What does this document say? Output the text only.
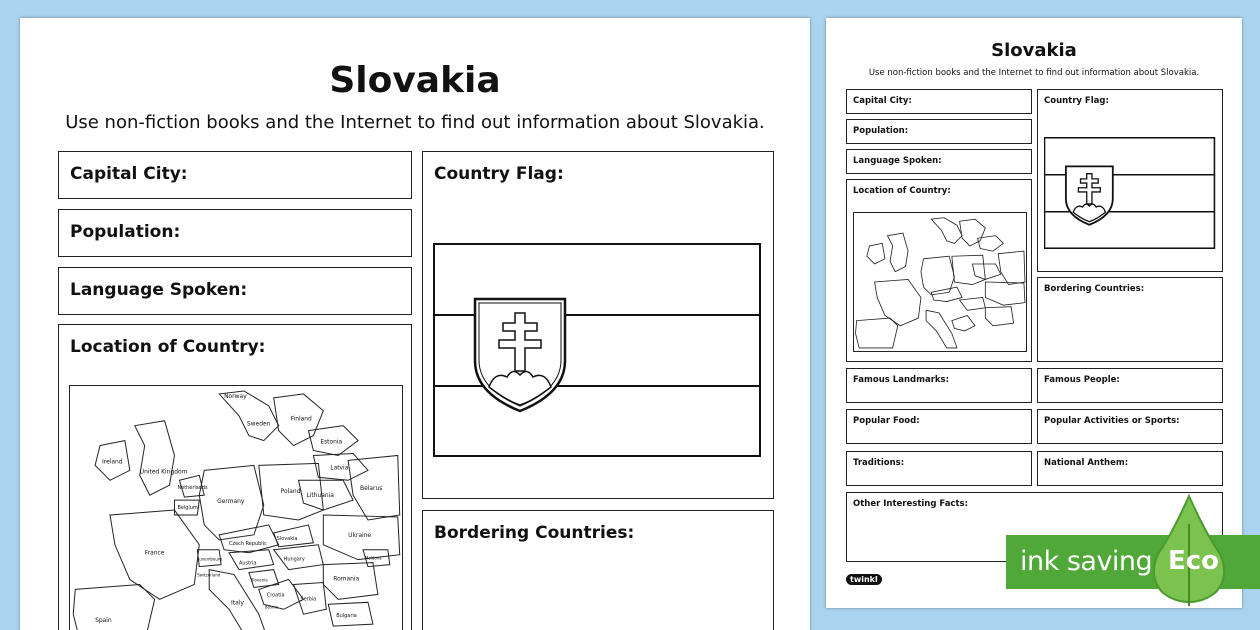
Slovakia
Use non-fiction books and the Internet to find out information about Slovakia.
Capital City:
Population:
Language Spoken:
Location of Country:
Norway
Sweden
Finland
Estonia
Latvia
Lithuania
Belarus
Ireland
United Kingdom
Netherlands
Belgium
Luxembourg
Germany
Poland
Czech Republic
Austria
Slovakia
Hungary
Ukraine
France
Switzerland
Slovenia
Croatia
Romania
Serbia
Bosnia
Bulgaria
Italy
Spain
Moldova
Country Flag:
Bordering Countries:
Slovakia
Use non-fiction books and the Internet to find out information about Slovakia.
Capital City:
Population:
Language Spoken:
Location of Country:
Country Flag:
Bordering Countries:
Famous Landmarks:	Famous People:
Popular Food:	Popular Activities or Sports:
Traditions:	National Anthem:
Other Interesting Facts:
twinkl
ink saving Eco
